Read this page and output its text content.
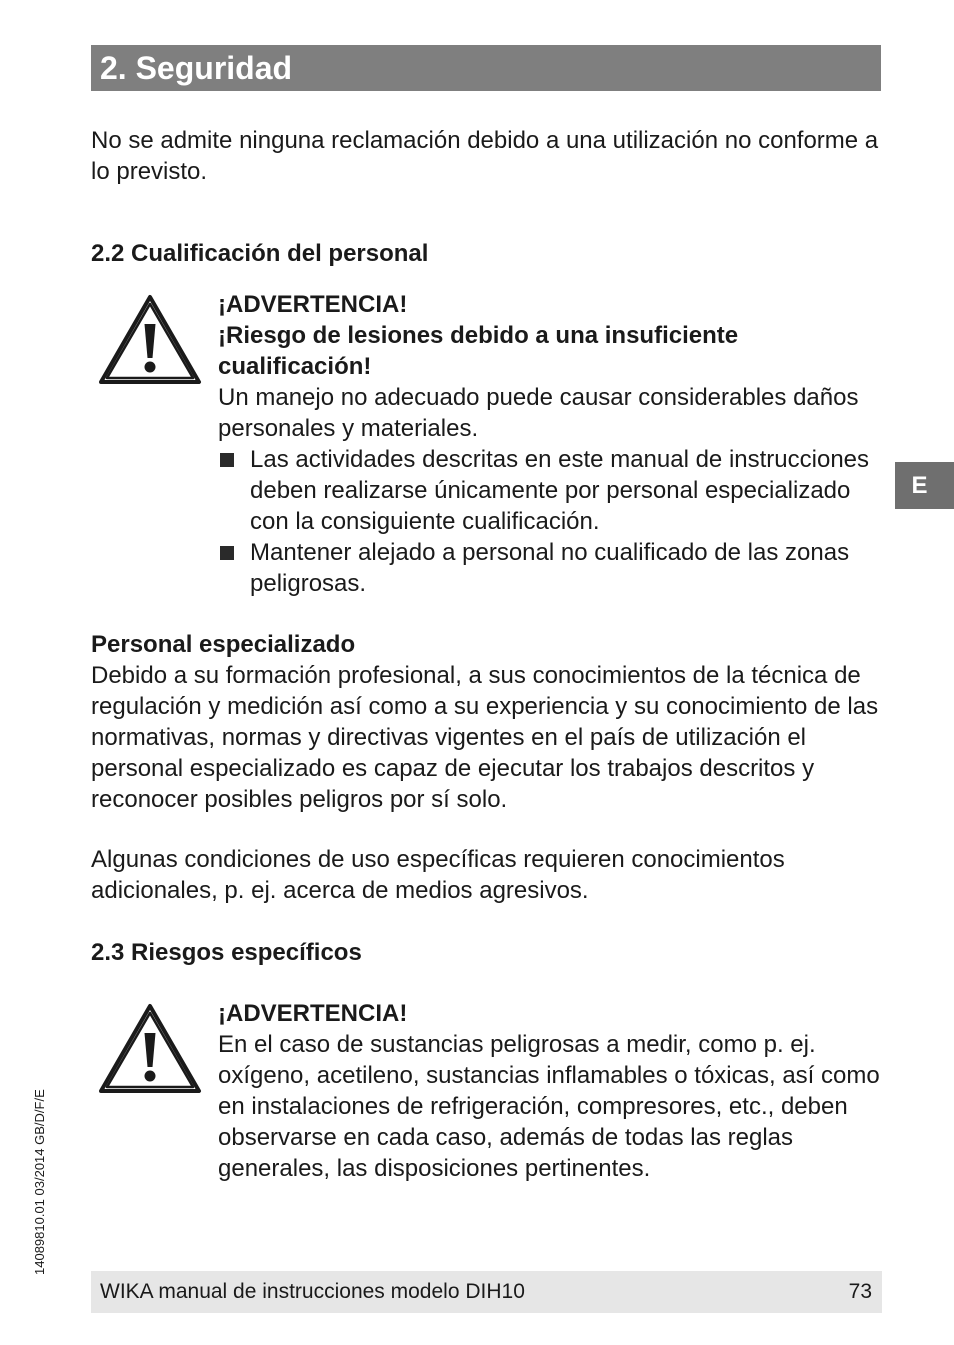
2. Seguridad
No se admite ninguna reclamación debido a una utilización no conforme a lo previsto.
2.2 Cualificación del personal
¡ADVERTENCIA!
¡Riesgo de lesiones debido a una insuficiente cualificación!
Un manejo no adecuado puede causar considerables daños personales y materiales.
Las actividades descritas en este manual de instrucciones deben realizarse únicamente por personal especializado con la consiguiente cualificación.
Mantener alejado a personal no cualificado de las zonas peligrosas.
Personal especializado
Debido a su formación profesional, a sus conocimientos de la técnica de regulación y medición así como a su experiencia y su conocimiento de las normativas, normas y directivas vigentes en el país de utilización el personal especializado es capaz de ejecutar los trabajos descritos y reconocer posibles peligros por sí solo.
Algunas condiciones de uso específicas requieren conocimientos adicionales, p. ej. acerca de medios agresivos.
2.3 Riesgos específicos
¡ADVERTENCIA!
En el caso de sustancias peligrosas a medir, como p. ej. oxígeno, acetileno, sustancias inflamables o tóxicas, así como en instalaciones de refrigeración, compresores, etc., deben observarse en cada caso, además de todas las reglas generales, las disposiciones pertinentes.
E
14089810.01 03/2014 GB/D/F/E
WIKA manual de instrucciones modelo DIH10	73
